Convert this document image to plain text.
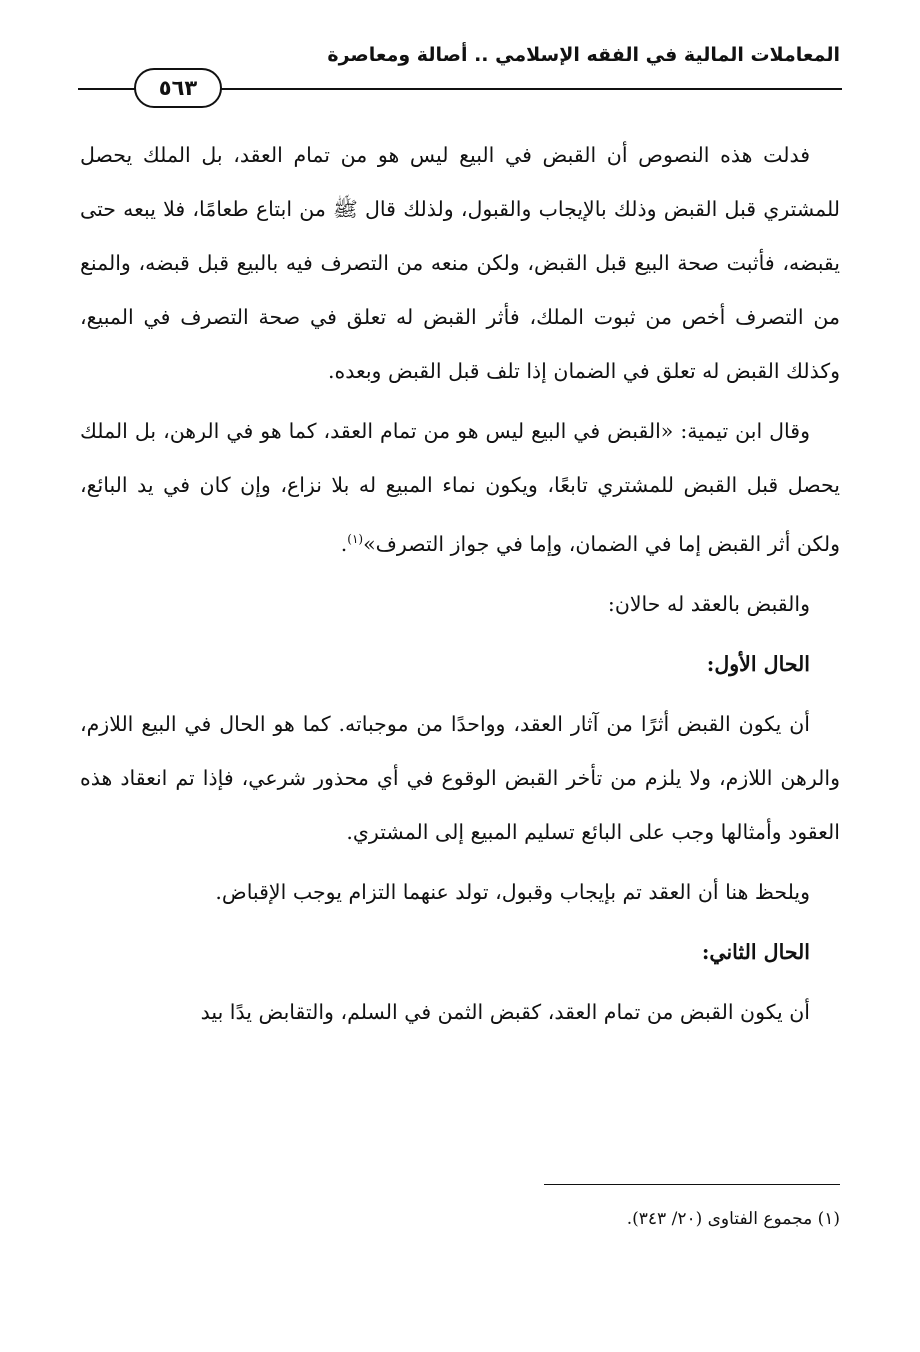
المعاملات المالية في الفقه الإسلامي .. أصالة ومعاصرة
٥٦٣

فدلت هذه النصوص أن القبض في البيع ليس هو من تمام العقد، بل الملك يحصل للمشتري قبل القبض وذلك بالإيجاب والقبول، ولذلك قال ﷺ من ابتاع طعامًا، فلا يبعه حتى يقبضه، فأثبت صحة البيع قبل القبض، ولكن منعه من التصرف فيه بالبيع قبل قبضه، والمنع من التصرف أخص من ثبوت الملك، فأثر القبض له تعلق في صحة التصرف في المبيع، وكذلك القبض له تعلق في الضمان إذا تلف قبل القبض وبعده.

وقال ابن تيمية: «القبض في البيع ليس هو من تمام العقد، كما هو في الرهن، بل الملك يحصل قبل القبض للمشتري تابعًا، ويكون نماء المبيع له بلا نزاع، وإن كان في يد البائع، ولكن أثر القبض إما في الضمان، وإما في جواز التصرف»$^{(١)}$.

والقبض بالعقد له حالان:

الحال الأول:

أن يكون القبض أثرًا من آثار العقد، وواحدًا من موجباته. كما هو الحال في البيع اللازم، والرهن اللازم، ولا يلزم من تأخر القبض الوقوع في أي محذور شرعي، فإذا تم انعقاد هذه العقود وأمثالها وجب على البائع تسليم المبيع إلى المشتري.

ويلحظ هنا أن العقد تم بإيجاب وقبول، تولد عنهما التزام يوجب الإقباض.

الحال الثاني:

أن يكون القبض من تمام العقد، كقبض الثمن في السلم، والتقابض يدًا بيد

(١) مجموع الفتاوى (٢٠/ ٣٤٣).
